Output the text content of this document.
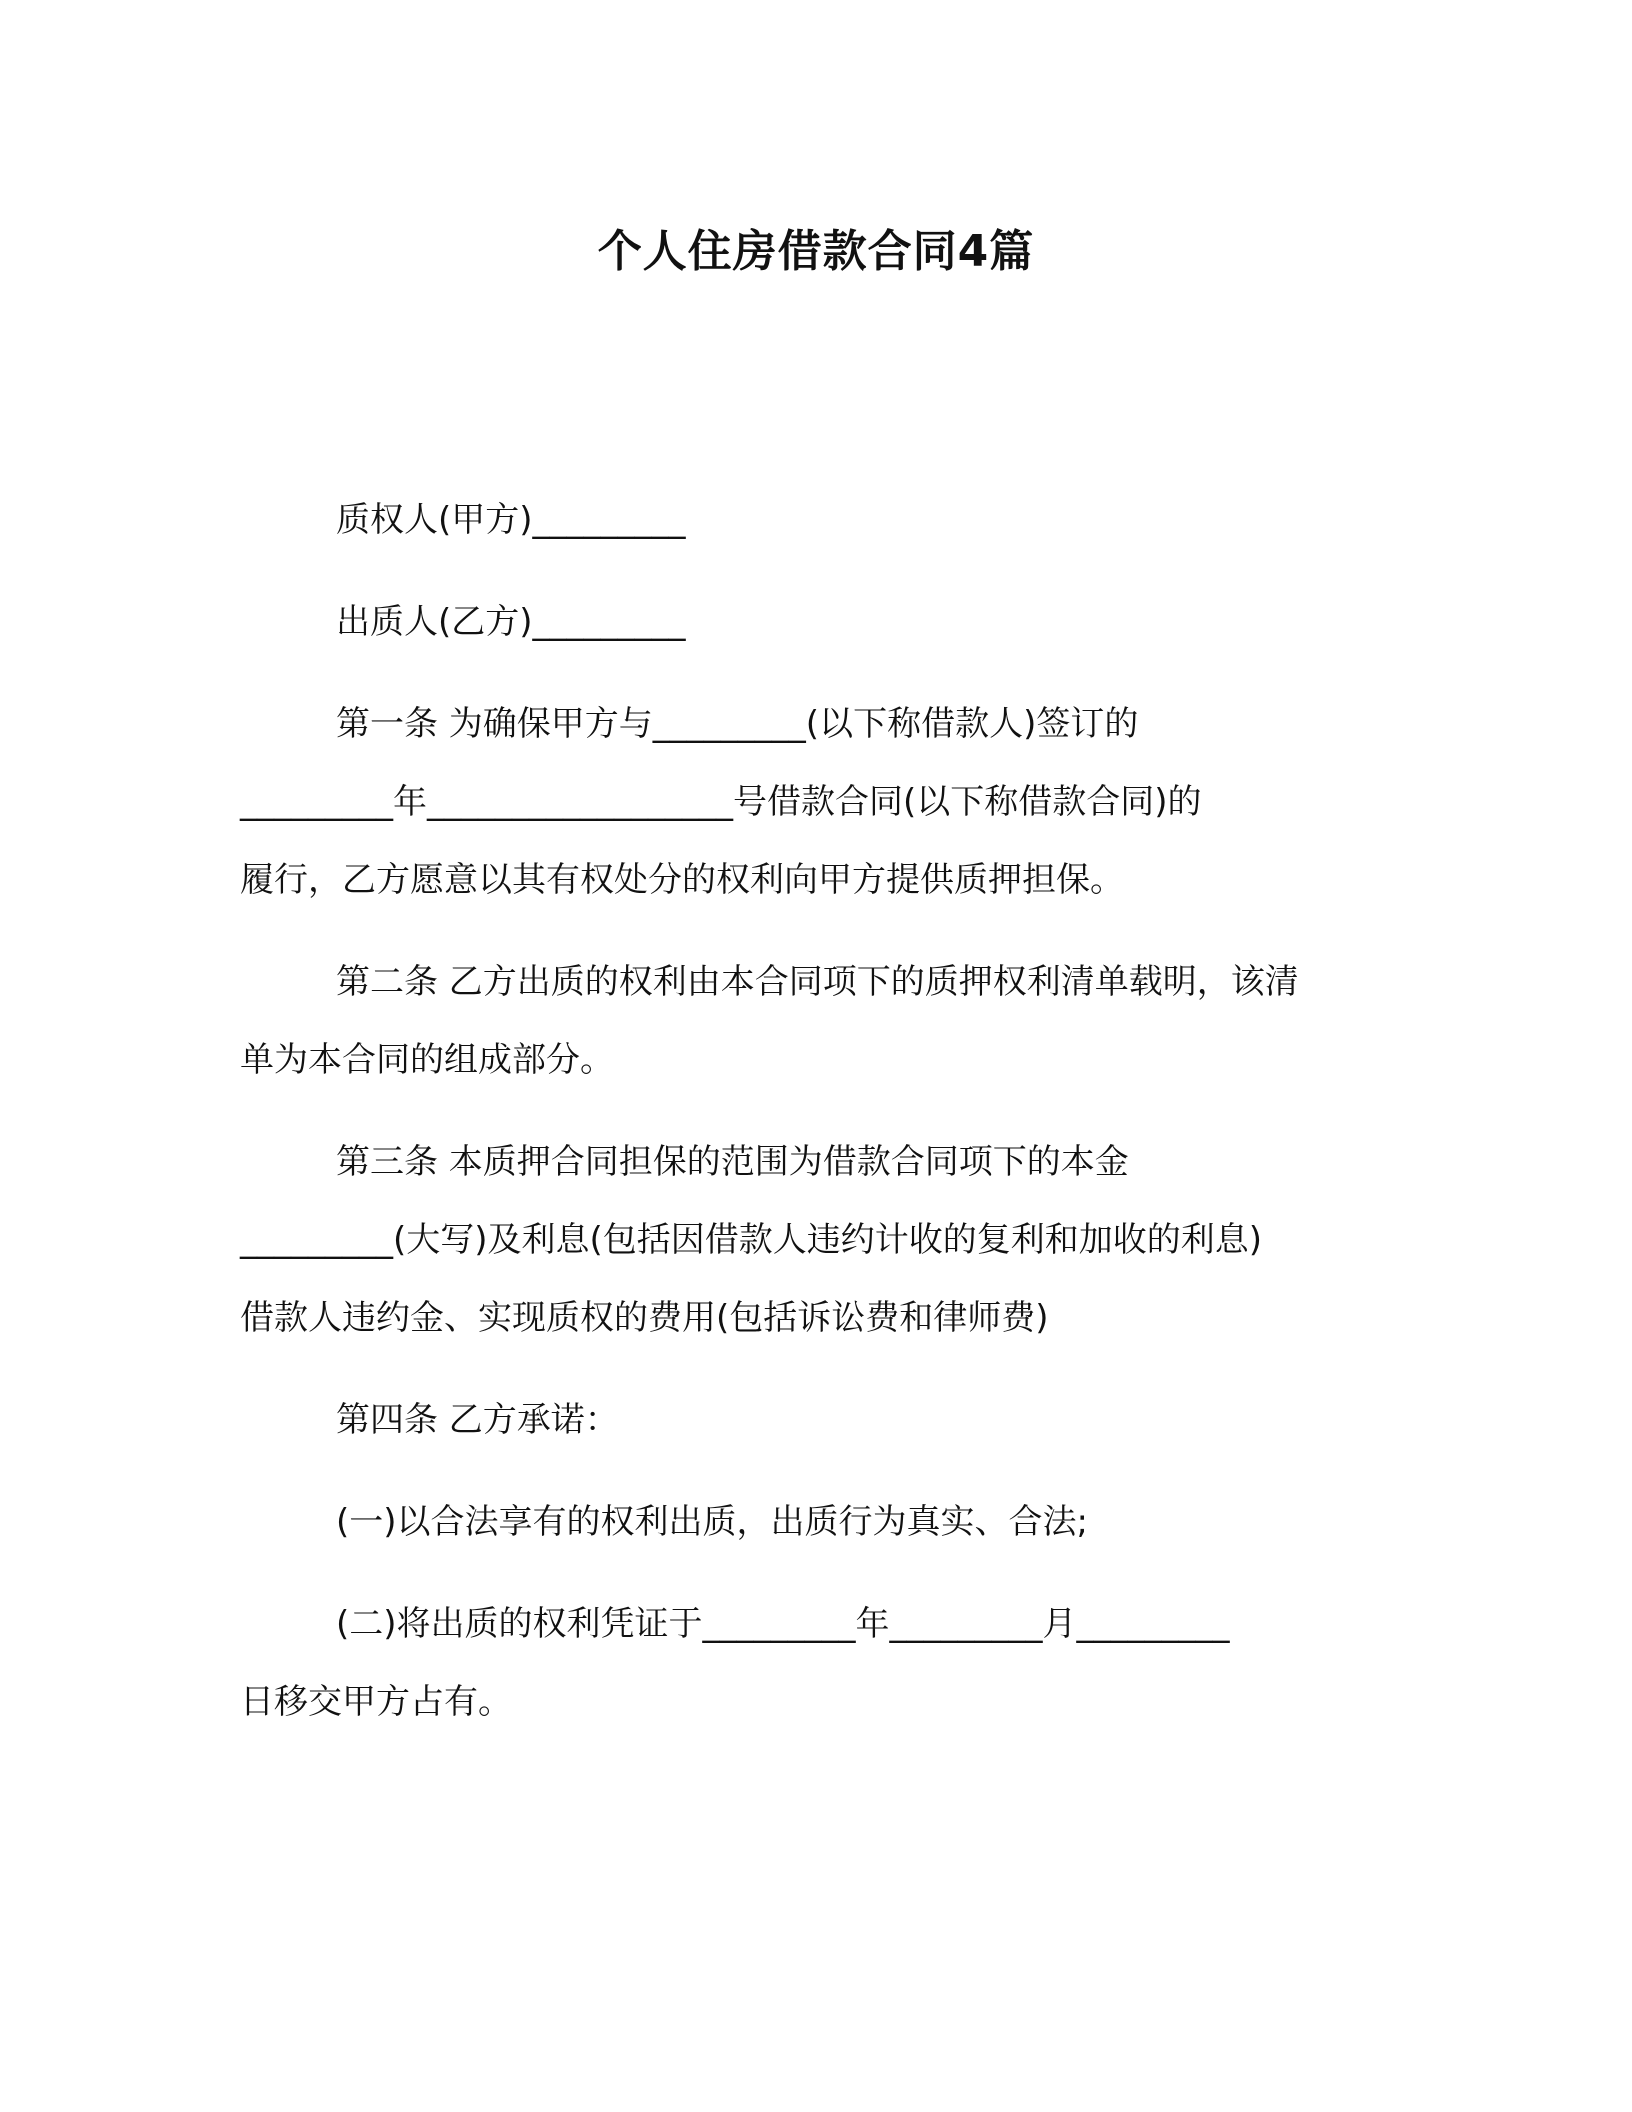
个人住房借款合同4篇
质权人(甲方)_________
出质人(乙方)_________
第一条 为确保甲方与_________(以下称借款人)签订的
_________年__________________号借款合同(以下称借款合同)的
履行，乙方愿意以其有权处分的权利向甲方提供质押担保。
第二条 乙方出质的权利由本合同项下的质押权利清单载明，该清
单为本合同的组成部分。
第三条 本质押合同担保的范围为借款合同项下的本金
_________(大写)及利息(包括因借款人违约计收的复利和加收的利息)
借款人违约金、实现质权的费用(包括诉讼费和律师费)
第四条 乙方承诺：
(一)以合法享有的权利出质，出质行为真实、合法;
(二)将出质的权利凭证于_________年_________月_________
日移交甲方占有。
